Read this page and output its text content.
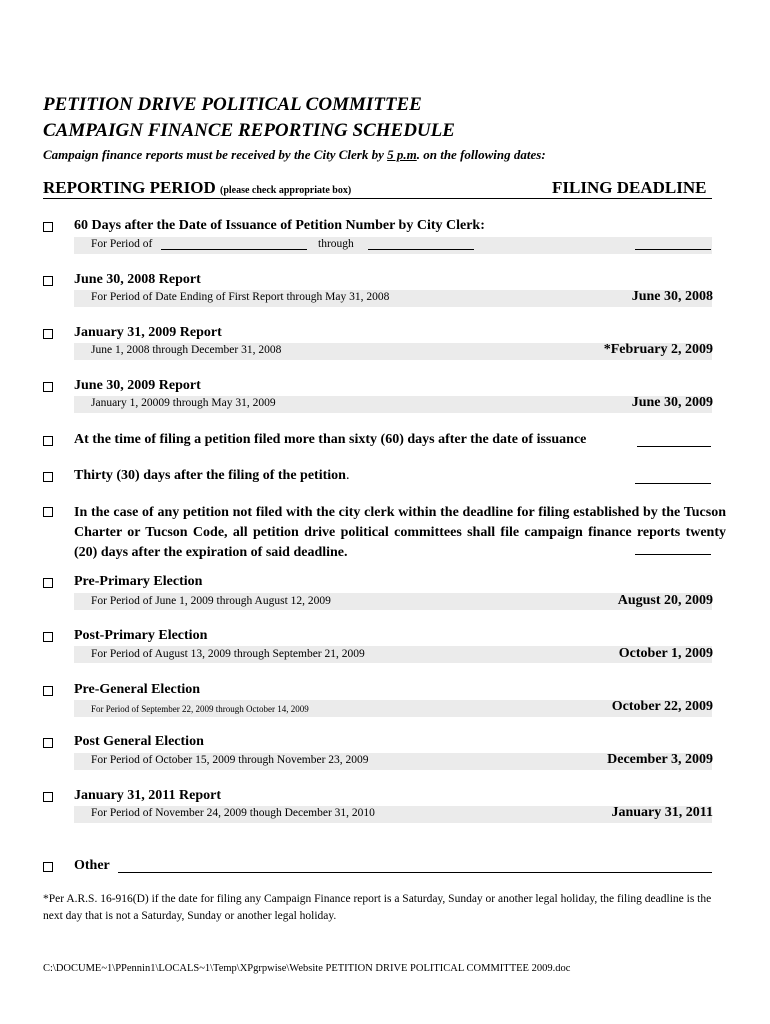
PETITION DRIVE POLITICAL COMMITTEE
CAMPAIGN FINANCE REPORTING SCHEDULE
Campaign finance reports must be received by the City Clerk by 5 p.m. on the following dates:
REPORTING PERIOD (please check appropriate box)	FILING DEADLINE
60 Days after the Date of Issuance of Petition Number by City Clerk:
For Period of	through
June 30, 2008 Report
For Period of Date Ending of First Report through May 31, 2008	June 30, 2008
January 31, 2009 Report
June 1, 2008 through December 31, 2008	*February 2, 2009
June 30, 2009 Report
January 1, 20009 through May 31, 2009	June 30, 2009
At the time of filing a petition filed more than sixty (60) days after the date of issuance
Thirty (30) days after the filing of the petition.
In the case of any petition not filed with the city clerk within the deadline for filing established by the Tucson Charter or Tucson Code, all petition drive political committees shall file campaign finance reports twenty (20) days after the expiration of said deadline.
Pre-Primary Election
For Period of June 1, 2009 through August 12, 2009	August 20, 2009
Post-Primary Election
For Period of August 13, 2009 through September 21, 2009	October 1, 2009
Pre-General Election
For Period of September 22, 2009 through October 14, 2009	October 22, 2009
Post General Election
For Period of October 15, 2009 through November 23, 2009	December 3, 2009
January 31, 2011 Report
For Period of November 24, 2009 though December 31, 2010	January 31, 2011
Other
*Per A.R.S. 16-916(D) if the date for filing any Campaign Finance report is a Saturday, Sunday or another legal holiday, the filing deadline is the next day that is not a Saturday, Sunday or another legal holiday.
C:\DOCUME~1\PPennin1\LOCALS~1\Temp\XPgrpwise\Website PETITION DRIVE POLITICAL COMMITTEE 2009.doc
